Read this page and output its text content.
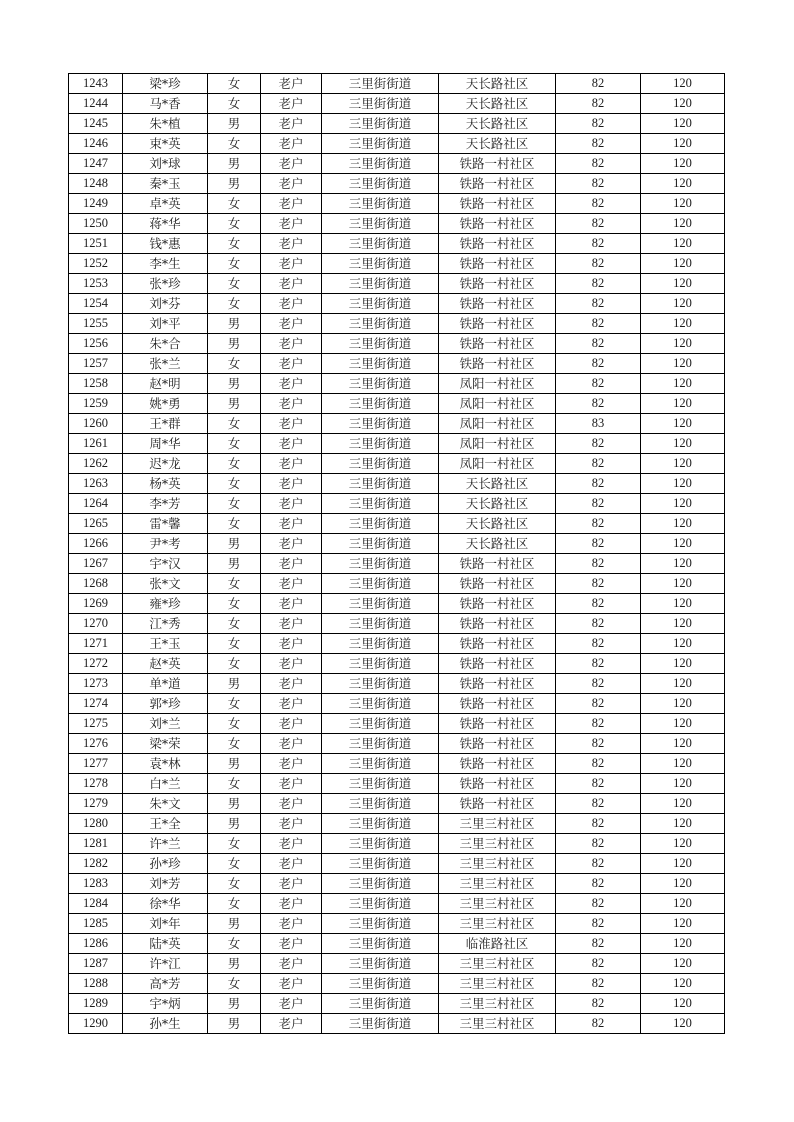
1243	梁*珍	女	老户	三里街街道	天长路社区	82	120
1244	马*香	女	老户	三里街街道	天长路社区	82	120
1245	朱*植	男	老户	三里街街道	天长路社区	82	120
1246	束*英	女	老户	三里街街道	天长路社区	82	120
1247	刘*球	男	老户	三里街街道	铁路一村社区	82	120
1248	秦*玉	男	老户	三里街街道	铁路一村社区	82	120
1249	卓*英	女	老户	三里街街道	铁路一村社区	82	120
1250	蒋*华	女	老户	三里街街道	铁路一村社区	82	120
1251	钱*惠	女	老户	三里街街道	铁路一村社区	82	120
1252	李*生	女	老户	三里街街道	铁路一村社区	82	120
1253	张*珍	女	老户	三里街街道	铁路一村社区	82	120
1254	刘*芬	女	老户	三里街街道	铁路一村社区	82	120
1255	刘*平	男	老户	三里街街道	铁路一村社区	82	120
1256	朱*合	男	老户	三里街街道	铁路一村社区	82	120
1257	张*兰	女	老户	三里街街道	铁路一村社区	82	120
1258	赵*明	男	老户	三里街街道	凤阳一村社区	82	120
1259	姚*勇	男	老户	三里街街道	凤阳一村社区	82	120
1260	王*群	女	老户	三里街街道	凤阳一村社区	83	120
1261	周*华	女	老户	三里街街道	凤阳一村社区	82	120
1262	迟*龙	女	老户	三里街街道	凤阳一村社区	82	120
1263	杨*英	女	老户	三里街街道	天长路社区	82	120
1264	李*芳	女	老户	三里街街道	天长路社区	82	120
1265	雷*馨	女	老户	三里街街道	天长路社区	82	120
1266	尹*考	男	老户	三里街街道	天长路社区	82	120
1267	宇*汉	男	老户	三里街街道	铁路一村社区	82	120
1268	张*文	女	老户	三里街街道	铁路一村社区	82	120
1269	雍*珍	女	老户	三里街街道	铁路一村社区	82	120
1270	江*秀	女	老户	三里街街道	铁路一村社区	82	120
1271	王*玉	女	老户	三里街街道	铁路一村社区	82	120
1272	赵*英	女	老户	三里街街道	铁路一村社区	82	120
1273	单*道	男	老户	三里街街道	铁路一村社区	82	120
1274	郭*珍	女	老户	三里街街道	铁路一村社区	82	120
1275	刘*兰	女	老户	三里街街道	铁路一村社区	82	120
1276	梁*荣	女	老户	三里街街道	铁路一村社区	82	120
1277	袁*林	男	老户	三里街街道	铁路一村社区	82	120
1278	白*兰	女	老户	三里街街道	铁路一村社区	82	120
1279	朱*文	男	老户	三里街街道	铁路一村社区	82	120
1280	王*全	男	老户	三里街街道	三里三村社区	82	120
1281	许*兰	女	老户	三里街街道	三里三村社区	82	120
1282	孙*珍	女	老户	三里街街道	三里三村社区	82	120
1283	刘*芳	女	老户	三里街街道	三里三村社区	82	120
1284	徐*华	女	老户	三里街街道	三里三村社区	82	120
1285	刘*年	男	老户	三里街街道	三里三村社区	82	120
1286	陆*英	女	老户	三里街街道	临淮路社区	82	120
1287	许*江	男	老户	三里街街道	三里三村社区	82	120
1288	高*芳	女	老户	三里街街道	三里三村社区	82	120
1289	宇*炳	男	老户	三里街街道	三里三村社区	82	120
1290	孙*生	男	老户	三里街街道	三里三村社区	82	120
